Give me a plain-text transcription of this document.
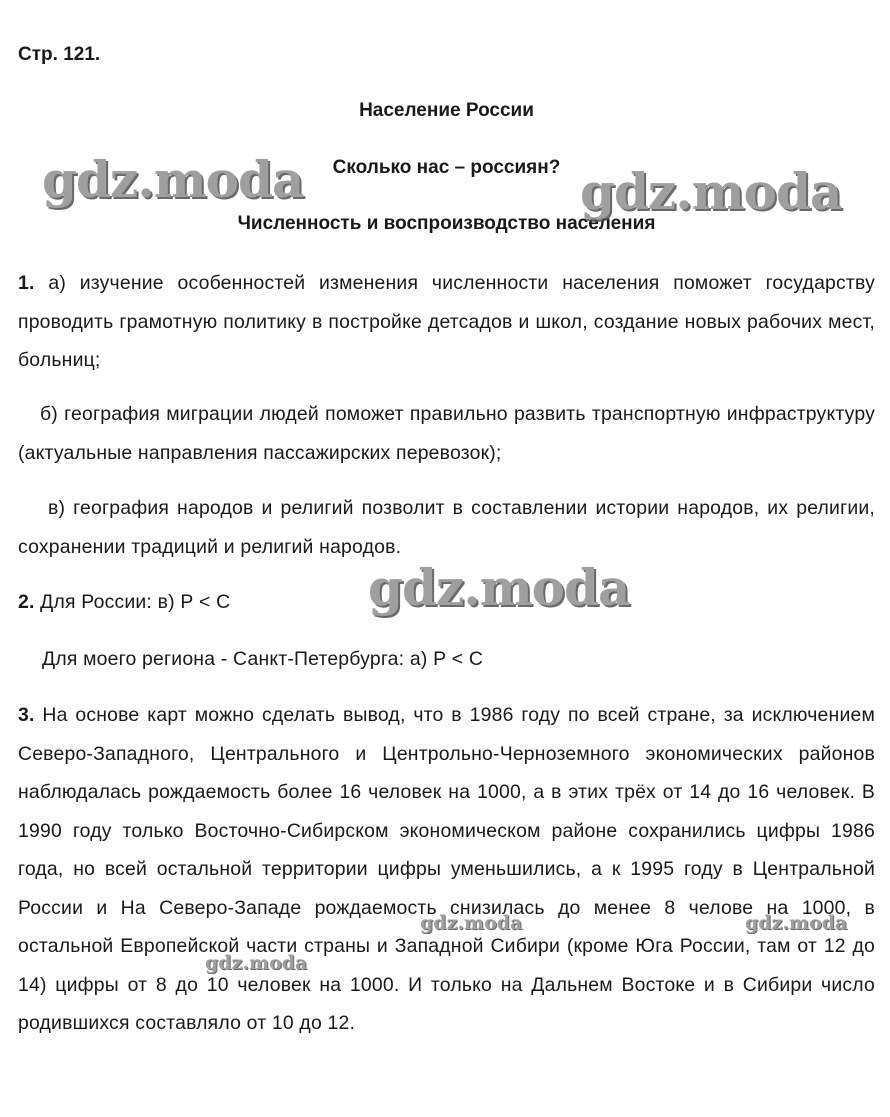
Стр. 121.
Население России
Сколько нас – россиян?
Численность и воспроизводство населения
1. а) изучение особенностей изменения численности населения поможет государству проводить грамотную политику в постройке детсадов и школ, создание новых рабочих мест, больниц;
б) география миграции людей поможет правильно развить транспортную инфраструктуру (актуальные направления пассажирских перевозок);
в) география народов и религий позволит в составлении истории народов, их религии, сохранении традиций и религий народов.
2. Для России: в) Р < С
Для моего региона - Санкт-Петербурга: а) Р < С
3. На основе карт можно сделать вывод, что в 1986 году по всей стране, за исключением Северо-Западного, Центрального и Центрольно-Черноземного экономических районов наблюдалась рождаемость более 16 человек на 1000, а в этих трёх от 14 до 16 человек. В 1990 году только Восточно-Сибирском экономическом районе сохранились цифры 1986 года, но всей остальной территории цифры уменьшились, а к 1995 году в Центральной России и На Северо-Западе рождаемость снизилась до менее 8 челове на 1000, в остальной Европейской части страны и Западной Сибири (кроме Юга России, там от 12 до 14) цифры от 8 до 10 человек на 1000. И только на Дальнем Востоке и в Сибири число родившихся составляло от 10 до 12.
gdz.moda	gdz.moda
gdz.moda
gdz.moda	gdz.moda
gdz.moda
